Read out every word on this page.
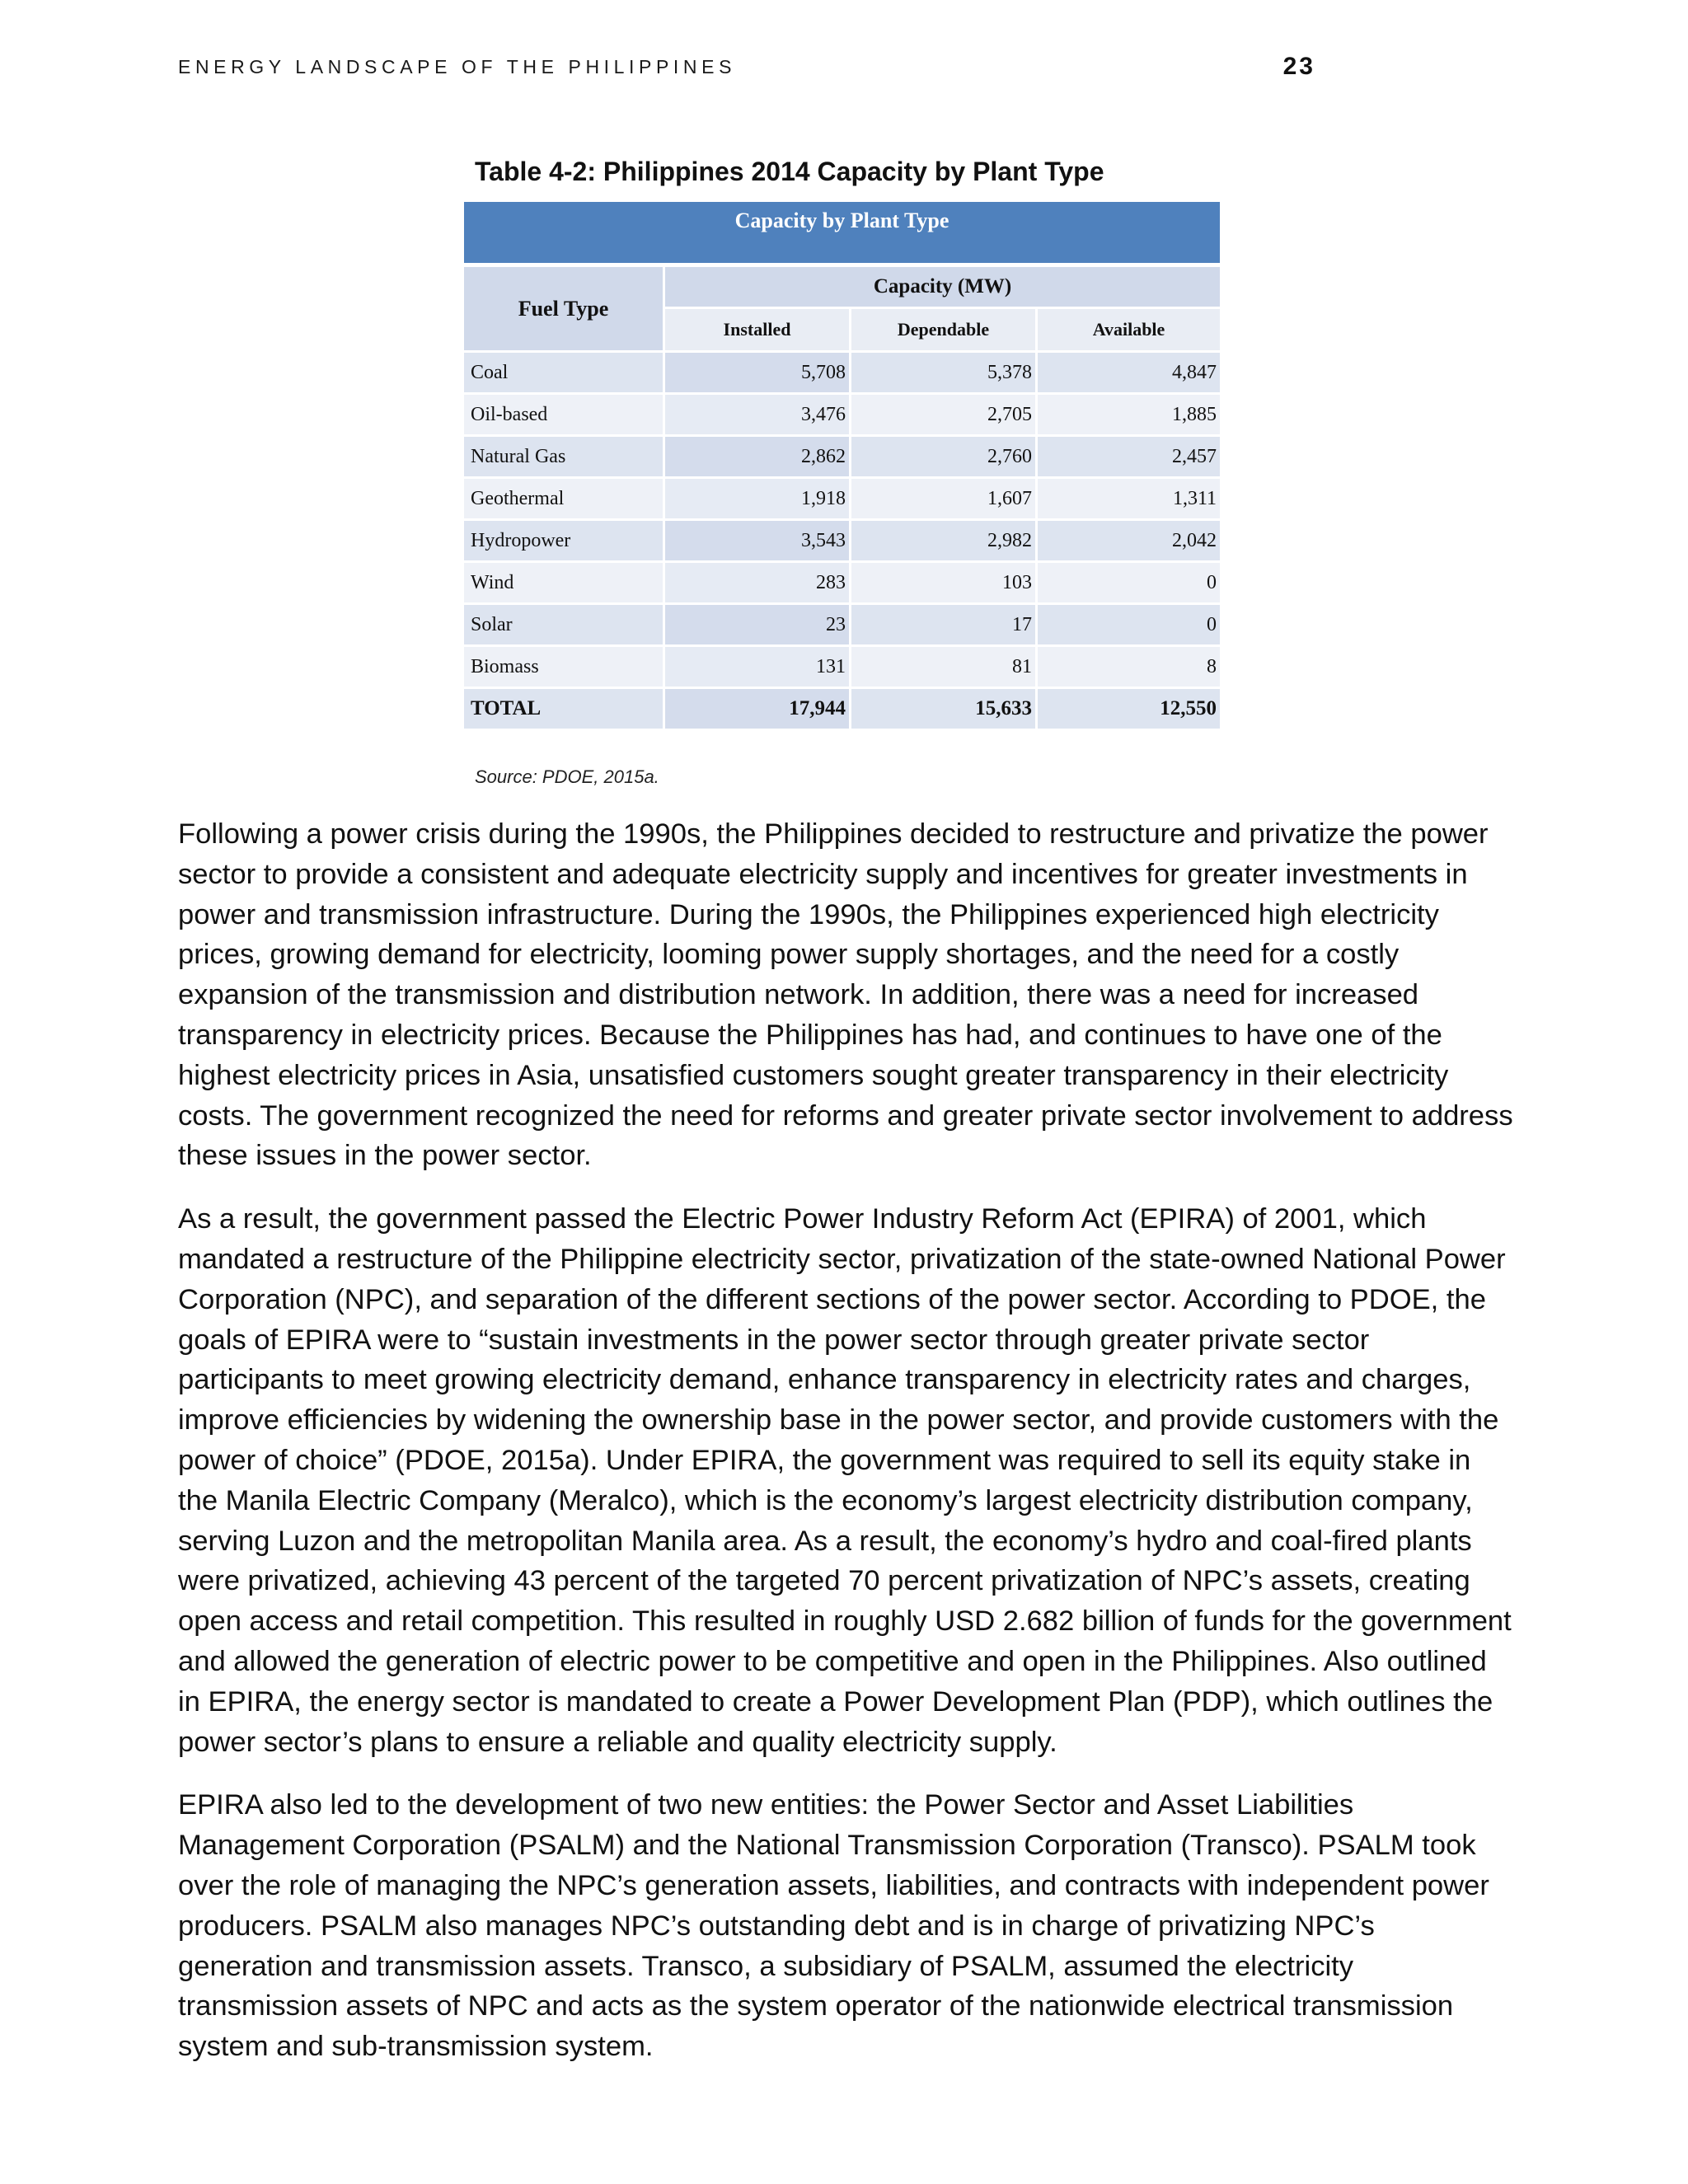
ENERGY LANDSCAPE OF THE PHILIPPINES	23
Table 4-2: Philippines 2014 Capacity by Plant Type
Capacity by Plant Type			
Fuel Type	Capacity (MW)		
	Installed	Dependable	Available
Coal	5,708	5,378	4,847
Oil-based	3,476	2,705	1,885
Natural Gas	2,862	2,760	2,457
Geothermal	1,918	1,607	1,311
Hydropower	3,543	2,982	2,042
Wind	283	103	0
Solar	23	17	0
Biomass	131	81	8
TOTAL	17,944	15,633	12,550
Source: PDOE, 2015a.

Following a power crisis during the 1990s, the Philippines decided to restructure and privatize the power sector to provide a consistent and adequate electricity supply and incentives for greater investments in power and transmission infrastructure. During the 1990s, the Philippines experienced high electricity prices, growing demand for electricity, looming power supply shortages, and the need for a costly expansion of the transmission and distribution network. In addition, there was a need for increased transparency in electricity prices. Because the Philippines has had, and continues to have one of the highest electricity prices in Asia, unsatisfied customers sought greater transparency in their electricity costs. The government recognized the need for reforms and greater private sector involvement to address these issues in the power sector.

As a result, the government passed the Electric Power Industry Reform Act (EPIRA) of 2001, which mandated a restructure of the Philippine electricity sector, privatization of the state-owned National Power Corporation (NPC), and separation of the different sections of the power sector. According to PDOE, the goals of EPIRA were to “sustain investments in the power sector through greater private sector participants to meet growing electricity demand, enhance transparency in electricity rates and charges, improve efficiencies by widening the ownership base in the power sector, and provide customers with the power of choice” (PDOE, 2015a). Under EPIRA, the government was required to sell its equity stake in the Manila Electric Company (Meralco), which is the economy’s largest electricity distribution company, serving Luzon and the metropolitan Manila area. As a result, the economy’s hydro and coal-fired plants were privatized, achieving 43 percent of the targeted 70 percent privatization of NPC’s assets, creating open access and retail competition. This resulted in roughly USD 2.682 billion of funds for the government and allowed the generation of electric power to be competitive and open in the Philippines. Also outlined in EPIRA, the energy sector is mandated to create a Power Development Plan (PDP), which outlines the power sector’s plans to ensure a reliable and quality electricity supply.

EPIRA also led to the development of two new entities: the Power Sector and Asset Liabilities Management Corporation (PSALM) and the National Transmission Corporation (Transco). PSALM took over the role of managing the NPC’s generation assets, liabilities, and contracts with independent power producers. PSALM also manages NPC’s outstanding debt and is in charge of privatizing NPC’s generation and transmission assets. Transco, a subsidiary of PSALM, assumed the electricity transmission assets of NPC and acts as the system operator of the nationwide electrical transmission system and sub-transmission system.
